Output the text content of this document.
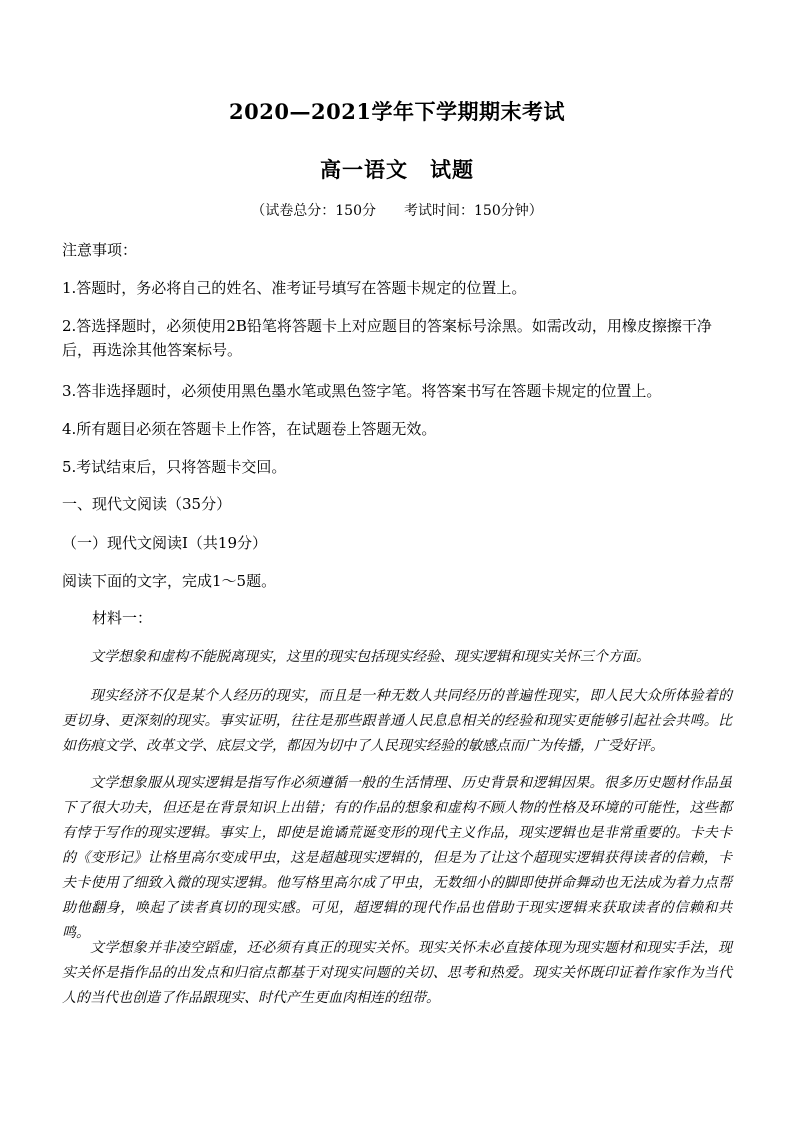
2020—2021学年下学期期末考试
高一语文　试题
（试卷总分：150分 考试时间：150分钟）
注意事项：
1.答题时，务必将自己的姓名、准考证号填写在答题卡规定的位置上。
2.答选择题时，必须使用2B铅笔将答题卡上对应题目的答案标号涂黑。如需改动，用橡皮擦擦干净后，再选涂其他答案标号。
3.答非选择题时，必须使用黑色墨水笔或黑色签字笔。将答案书写在答题卡规定的位置上。
4.所有题目必须在答题卡上作答，在试题卷上答题无效。
5.考试结束后，只将答题卡交回。
一、现代文阅读（35分）
（一）现代文阅读Ⅰ（共19分）
阅读下面的文字，完成1～5题。
材料一：
文学想象和虚构不能脱离现实，这里的现实包括现实经验、现实逻辑和现实关怀三个方面。
现实经济不仅是某个人经历的现实，而且是一种无数人共同经历的普遍性现实，即人民大众所体验着的更切身、更深刻的现实。事实证明，往往是那些跟普通人民息息相关的经验和现实更能够引起社会共鸣。比如伤痕文学、改革文学、底层文学，都因为切中了人民现实经验的敏感点而广为传播，广受好评。
文学想象服从现实逻辑是指写作必须遵循一般的生活情理、历史背景和逻辑因果。很多历史题材作品虽下了很大功夫，但还是在背景知识上出错；有的作品的想象和虚构不顾人物的性格及环境的可能性，这些都有悖于写作的现实逻辑。事实上，即使是诡谲荒诞变形的现代主义作品，现实逻辑也是非常重要的。卡夫卡的《变形记》让格里高尔变成甲虫，这是超越现实逻辑的，但是为了让这个超现实逻辑获得读者的信赖，卡夫卡使用了细致入微的现实逻辑。他写格里高尔成了甲虫，无数细小的脚即使拼命舞动也无法成为着力点帮助他翻身，唤起了读者真切的现实感。可见，超逻辑的现代作品也借助于现实逻辑来获取读者的信赖和共鸣。
文学想象并非凌空蹈虚，还必须有真正的现实关怀。现实关怀未必直接体现为现实题材和现实手法，现实关怀是指作品的出发点和归宿点都基于对现实问题的关切、思考和热爱。现实关怀既印证着作家作为当代人的当代也创造了作品跟现实、时代产生更血肉相连的纽带。
